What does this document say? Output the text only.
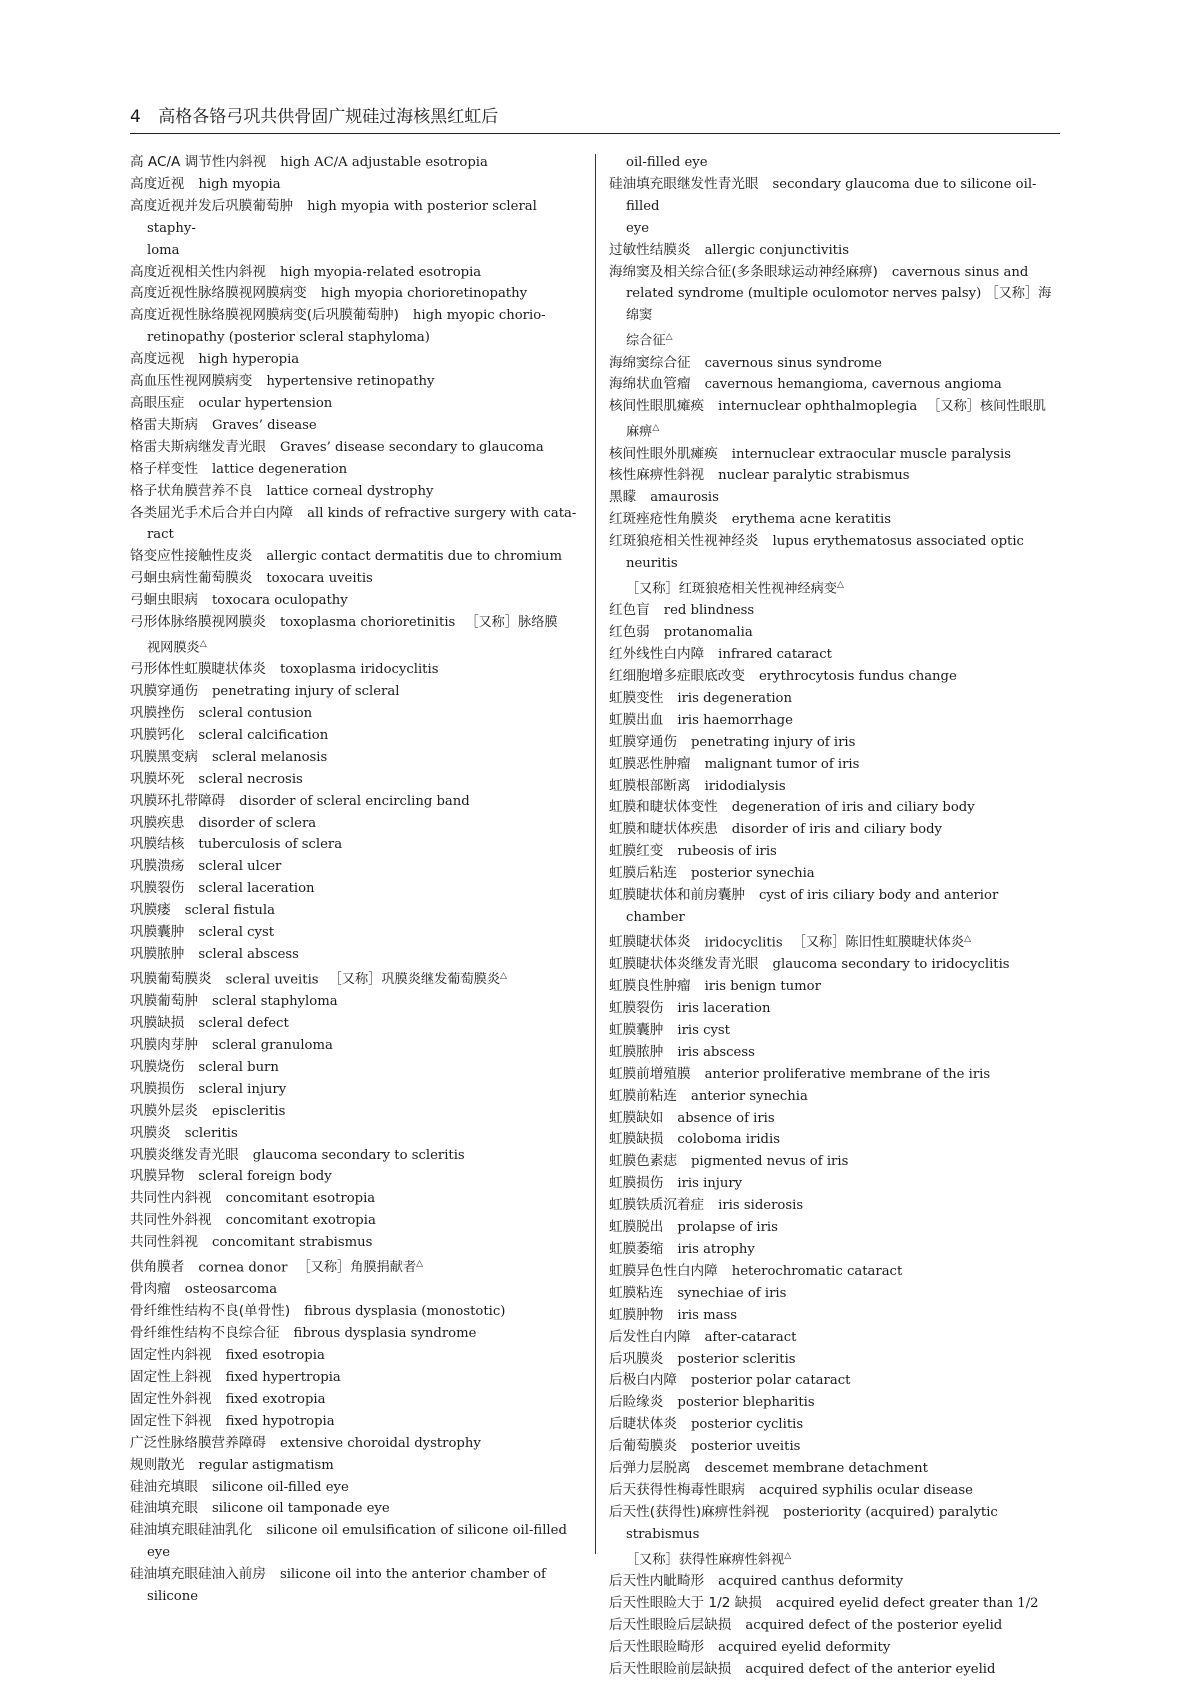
4 高格各铬弓巩共供骨固广规硅过海核黑红虹后

高 AC/A 调节性内斜视 high AC/A adjustable esotropia

高度近视 high myopia

高度近视并发后巩膜葡萄肿 high myopia with posterior scleral staphy-

loma

高度近视相关性内斜视 high myopia-related esotropia

高度近视性脉络膜视网膜病变 high myopia chorioretinopathy

高度近视性脉络膜视网膜病变(后巩膜葡萄肿) high myopic chorio-

retinopathy (posterior scleral staphyloma)

高度远视 high hyperopia

高血压性视网膜病变 hypertensive retinopathy

高眼压症 ocular hypertension

格雷夫斯病 Graves’ disease

格雷夫斯病继发青光眼 Graves’ disease secondary to glaucoma

格子样变性 lattice degeneration

格子状角膜营养不良 lattice corneal dystrophy

各类屈光手术后合并白内障 all kinds of refractive surgery with cata-

ract

铬变应性接触性皮炎 allergic contact dermatitis due to chromium

弓蛔虫病性葡萄膜炎 toxocara uveitis

弓蛔虫眼病 toxocara oculopathy

弓形体脉络膜视网膜炎 toxoplasma chorioretinitis ［又称］脉络膜

视网膜炎△

弓形体性虹膜睫状体炎 toxoplasma iridocyclitis

巩膜穿通伤 penetrating injury of scleral

巩膜挫伤 scleral contusion

巩膜钙化 scleral calcification

巩膜黑变病 scleral melanosis

巩膜坏死 scleral necrosis

巩膜环扎带障碍 disorder of scleral encircling band

巩膜疾患 disorder of sclera

巩膜结核 tuberculosis of sclera

巩膜溃疡 scleral ulcer

巩膜裂伤 scleral laceration

巩膜瘘 scleral fistula

巩膜囊肿 scleral cyst

巩膜脓肿 scleral abscess

巩膜葡萄膜炎 scleral uveitis ［又称］巩膜炎继发葡萄膜炎△

巩膜葡萄肿 scleral staphyloma

巩膜缺损 scleral defect

巩膜肉芽肿 scleral granuloma

巩膜烧伤 scleral burn

巩膜损伤 scleral injury

巩膜外层炎 episcleritis

巩膜炎 scleritis

巩膜炎继发青光眼 glaucoma secondary to scleritis

巩膜异物 scleral foreign body

共同性内斜视 concomitant esotropia

共同性外斜视 concomitant exotropia

共同性斜视 concomitant strabismus

供角膜者 cornea donor ［又称］角膜捐献者△

骨肉瘤 osteosarcoma

骨纤维性结构不良(单骨性) fibrous dysplasia (monostotic)

骨纤维性结构不良综合征 fibrous dysplasia syndrome

固定性内斜视 fixed esotropia

固定性上斜视 fixed hypertropia

固定性外斜视 fixed exotropia

固定性下斜视 fixed hypotropia

广泛性脉络膜营养障碍 extensive choroidal dystrophy

规则散光 regular astigmatism

硅油充填眼 silicone oil-filled eye

硅油填充眼 silicone oil tamponade eye

硅油填充眼硅油乳化 silicone oil emulsification of silicone oil-filled

eye

硅油填充眼硅油入前房 silicone oil into the anterior chamber of silicone

oil-filled eye

硅油填充眼继发性青光眼 secondary glaucoma due to silicone oil-filled

eye

过敏性结膜炎 allergic conjunctivitis

海绵窦及相关综合征(多条眼球运动神经麻痹) cavernous sinus and

related syndrome (multiple oculomotor nerves palsy) ［又称］海绵窦

综合征△

海绵窦综合征 cavernous sinus syndrome

海绵状血管瘤 cavernous hemangioma, cavernous angioma

核间性眼肌瘫痪 internuclear ophthalmoplegia ［又称］核间性眼肌

麻痹△

核间性眼外肌瘫痪 internuclear extraocular muscle paralysis

核性麻痹性斜视 nuclear paralytic strabismus

黑矇 amaurosis

红斑痤疮性角膜炎 erythema acne keratitis

红斑狼疮相关性视神经炎 lupus erythematosus associated optic neuritis

［又称］红斑狼疮相关性视神经病变△

红色盲 red blindness

红色弱 protanomalia

红外线性白内障 infrared cataract

红细胞增多症眼底改变 erythrocytosis fundus change

虹膜变性 iris degeneration

虹膜出血 iris haemorrhage

虹膜穿通伤 penetrating injury of iris

虹膜恶性肿瘤 malignant tumor of iris

虹膜根部断离 iridodialysis

虹膜和睫状体变性 degeneration of iris and ciliary body

虹膜和睫状体疾患 disorder of iris and ciliary body

虹膜红变 rubeosis of iris

虹膜后粘连 posterior synechia

虹膜睫状体和前房囊肿 cyst of iris ciliary body and anterior chamber

虹膜睫状体炎 iridocyclitis ［又称］陈旧性虹膜睫状体炎△

虹膜睫状体炎继发青光眼 glaucoma secondary to iridocyclitis

虹膜良性肿瘤 iris benign tumor

虹膜裂伤 iris laceration

虹膜囊肿 iris cyst

虹膜脓肿 iris abscess

虹膜前增殖膜 anterior proliferative membrane of the iris

虹膜前粘连 anterior synechia

虹膜缺如 absence of iris

虹膜缺损 coloboma iridis

虹膜色素痣 pigmented nevus of iris

虹膜损伤 iris injury

虹膜铁质沉着症 iris siderosis

虹膜脱出 prolapse of iris

虹膜萎缩 iris atrophy

虹膜异色性白内障 heterochromatic cataract

虹膜粘连 synechiae of iris

虹膜肿物 iris mass

后发性白内障 after-cataract

后巩膜炎 posterior scleritis

后极白内障 posterior polar cataract

后睑缘炎 posterior blepharitis

后睫状体炎 posterior cyclitis

后葡萄膜炎 posterior uveitis

后弹力层脱离 descemet membrane detachment

后天获得性梅毒性眼病 acquired syphilis ocular disease

后天性(获得性)麻痹性斜视 posteriority (acquired) paralytic strabismus

［又称］获得性麻痹性斜视△

后天性内眦畸形 acquired canthus deformity

后天性眼睑大于 1/2 缺损 acquired eyelid defect greater than 1/2

后天性眼睑后层缺损 acquired defect of the posterior eyelid

后天性眼睑畸形 acquired eyelid deformity

后天性眼睑前层缺损 acquired defect of the anterior eyelid
